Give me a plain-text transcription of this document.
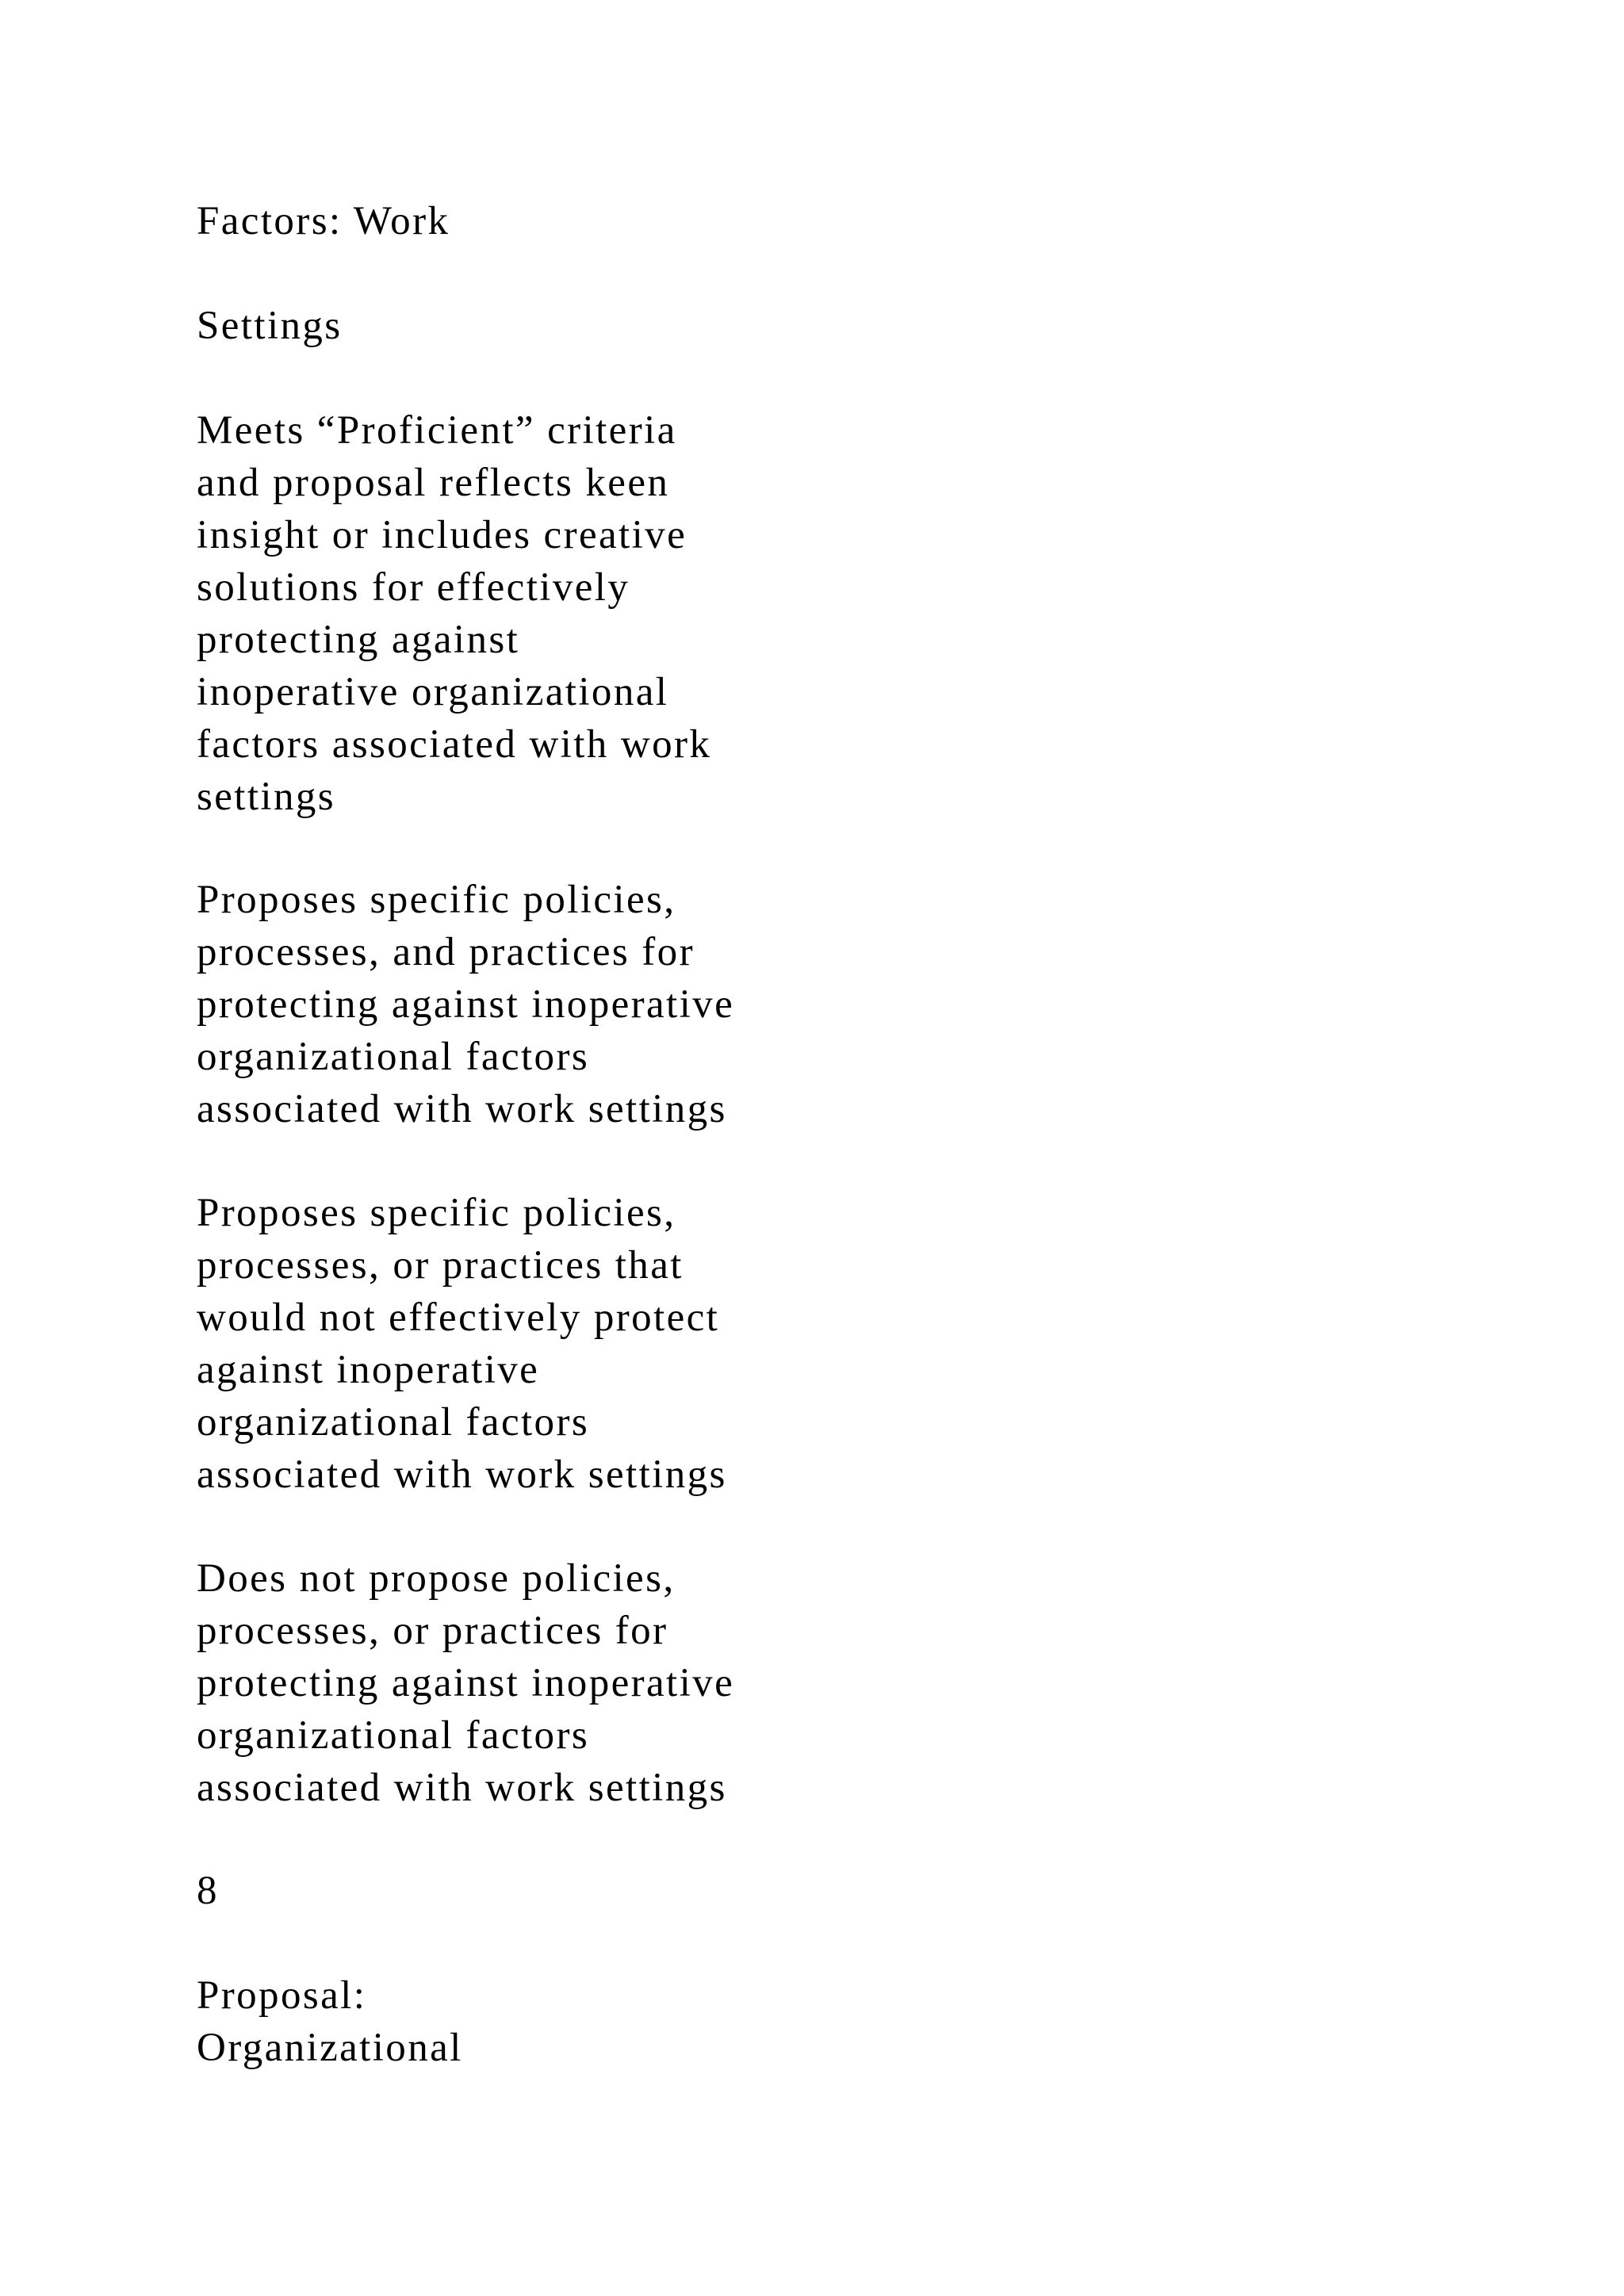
Factors: Work

Settings

Meets “Proficient” criteria
and proposal reflects keen
insight or includes creative
solutions for effectively
protecting against
inoperative organizational
factors associated with work
settings

Proposes specific policies,
processes, and practices for
protecting against inoperative
organizational factors
associated with work settings

Proposes specific policies,
processes, or practices that
would not effectively protect
against inoperative
organizational factors
associated with work settings

Does not propose policies,
processes, or practices for
protecting against inoperative
organizational factors
associated with work settings

8

Proposal:
Organizational
